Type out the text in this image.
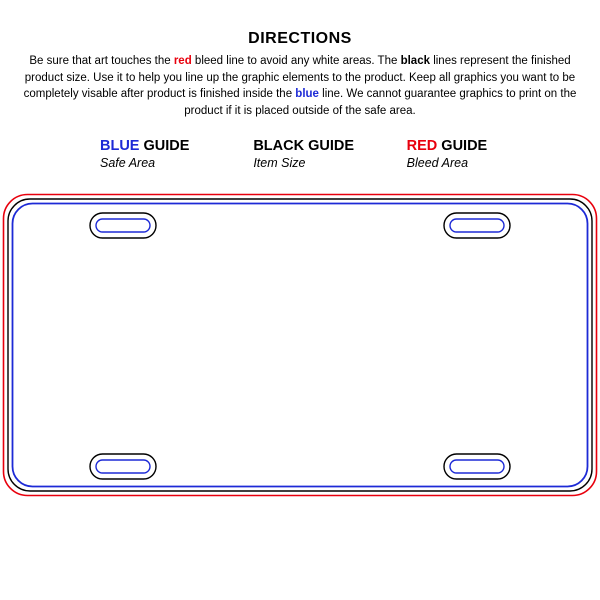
DIRECTIONS
Be sure that art touches the red bleed line to avoid any white areas. The black lines represent the finished
product size. Use it to help you line up the graphic elements to the product. Keep all graphics you want to be
completely visable after product is finished inside the blue line. We cannot guarantee graphics to print on the
product if it is placed outside of the safe area.
BLUE GUIDE
Safe Area
BLACK GUIDE
Item Size
RED GUIDE
Bleed Area
